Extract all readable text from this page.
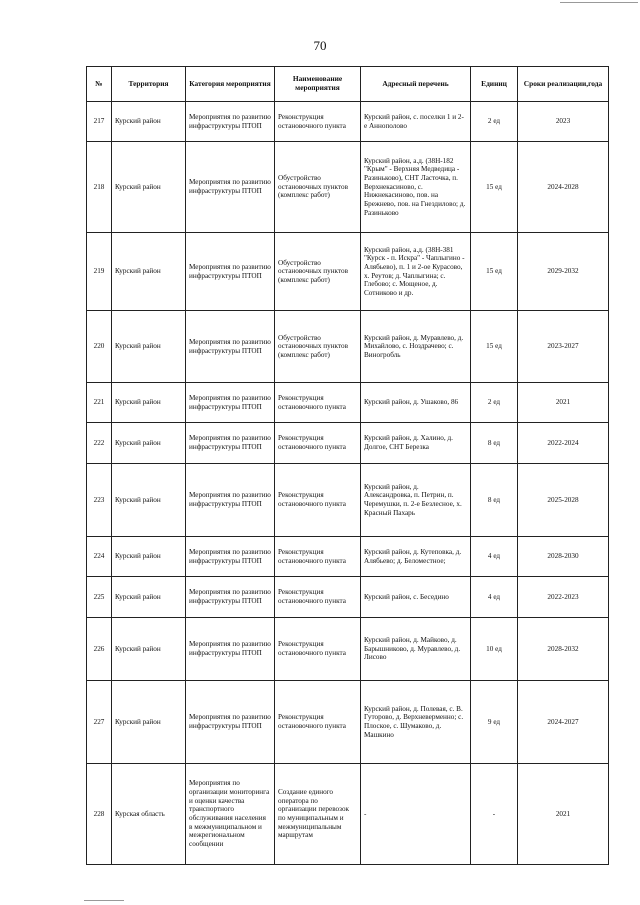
70
№	Территория	Категория мероприятия	Наименование мероприятия	Адресный перечень	Единиц	Сроки реализации,года
217	Курский район	Мероприятия по развитию инфраструктуры ПТОП	Реконструкция остановочного пункта	Курский район, с. поселки 1 и 2-е Аннополово	2 ед	2023
218	Курский район	Мероприятия по развитию инфраструктуры ПТОП	Обустройство остановочных пунктов (комплекс работ)	Курский район, а.д. (38Н-182 "Крым" - Верхняя Медведица - Разиньково), СНТ Ласточка, п. Верхнекасиново, с. Нижнекасиново, пов. на Брежнево, пов. на Гнездилово; д. Разиньково	15 ед	2024-2028
219	Курский район	Мероприятия по развитию инфраструктуры ПТОП	Обустройство остановочных пунктов (комплекс работ)	Курский район, а.д. (38Н-381 "Курск - п. Искра" - Чаплыгино - Алябьево), п. 1 и 2-ое Курасово, х. Реутов; д. Чаплыгина; с. Глебово; с. Мощеное, д. Сотниково и др.	15 ед	2029-2032
220	Курский район	Мероприятия по развитию инфраструктуры ПТОП	Обустройство остановочных пунктов (комплекс работ)	Курский район, д. Муравлево, д. Михайлово, с. Ноздрачево; с. Виногробль	15 ед	2023-2027
221	Курский район	Мероприятия по развитию инфраструктуры ПТОП	Реконструкция остановочного пункта	Курский район, д. Ушаково, 86	2 ед	2021
222	Курский район	Мероприятия по развитию инфраструктуры ПТОП	Реконструкция остановочного пункта	Курский район, д. Халино, д. Долгое, СНТ Березка	8 ед	2022-2024
223	Курский район	Мероприятия по развитию инфраструктуры ПТОП	Реконструкция остановочного пункта	Курский район, д. Александровка, п. Петрин, п. Черемушки, п. 2-е Безлесное, х. Красный Пахарь	8 ед	2025-2028
224	Курский район	Мероприятия по развитию инфраструктуры ПТОП	Реконструкция остановочного пункта	Курский район, д. Кутеповка, д. Алябьево; д. Беломестное;	4 ед	2028-2030
225	Курский район	Мероприятия по развитию инфраструктуры ПТОП	Реконструкция остановочного пункта	Курский район, с. Беседино	4 ед	2022-2023
226	Курский район	Мероприятия по развитию инфраструктуры ПТОП	Реконструкция остановочного пункта	Курский район, д. Майково, д. Барышниково, д. Муравлево, д. Лисово	10 ед	2028-2032
227	Курский район	Мероприятия по развитию инфраструктуры ПТОП	Реконструкция остановочного пункта	Курский район, д. Полевая, с. В. Гуторово, д. Верхневерменно; с. Плоское, с. Шумаково, д. Машкино	9 ед	2024-2027
228	Курская область	Мероприятия по организации мониторинга и оценки качества транспортного обслуживания населения в межмуниципальном и межрегиональном сообщении	Создание единого оператора по организации перевозок по муниципальным и межмуниципальным маршрутам	-	-	2021
